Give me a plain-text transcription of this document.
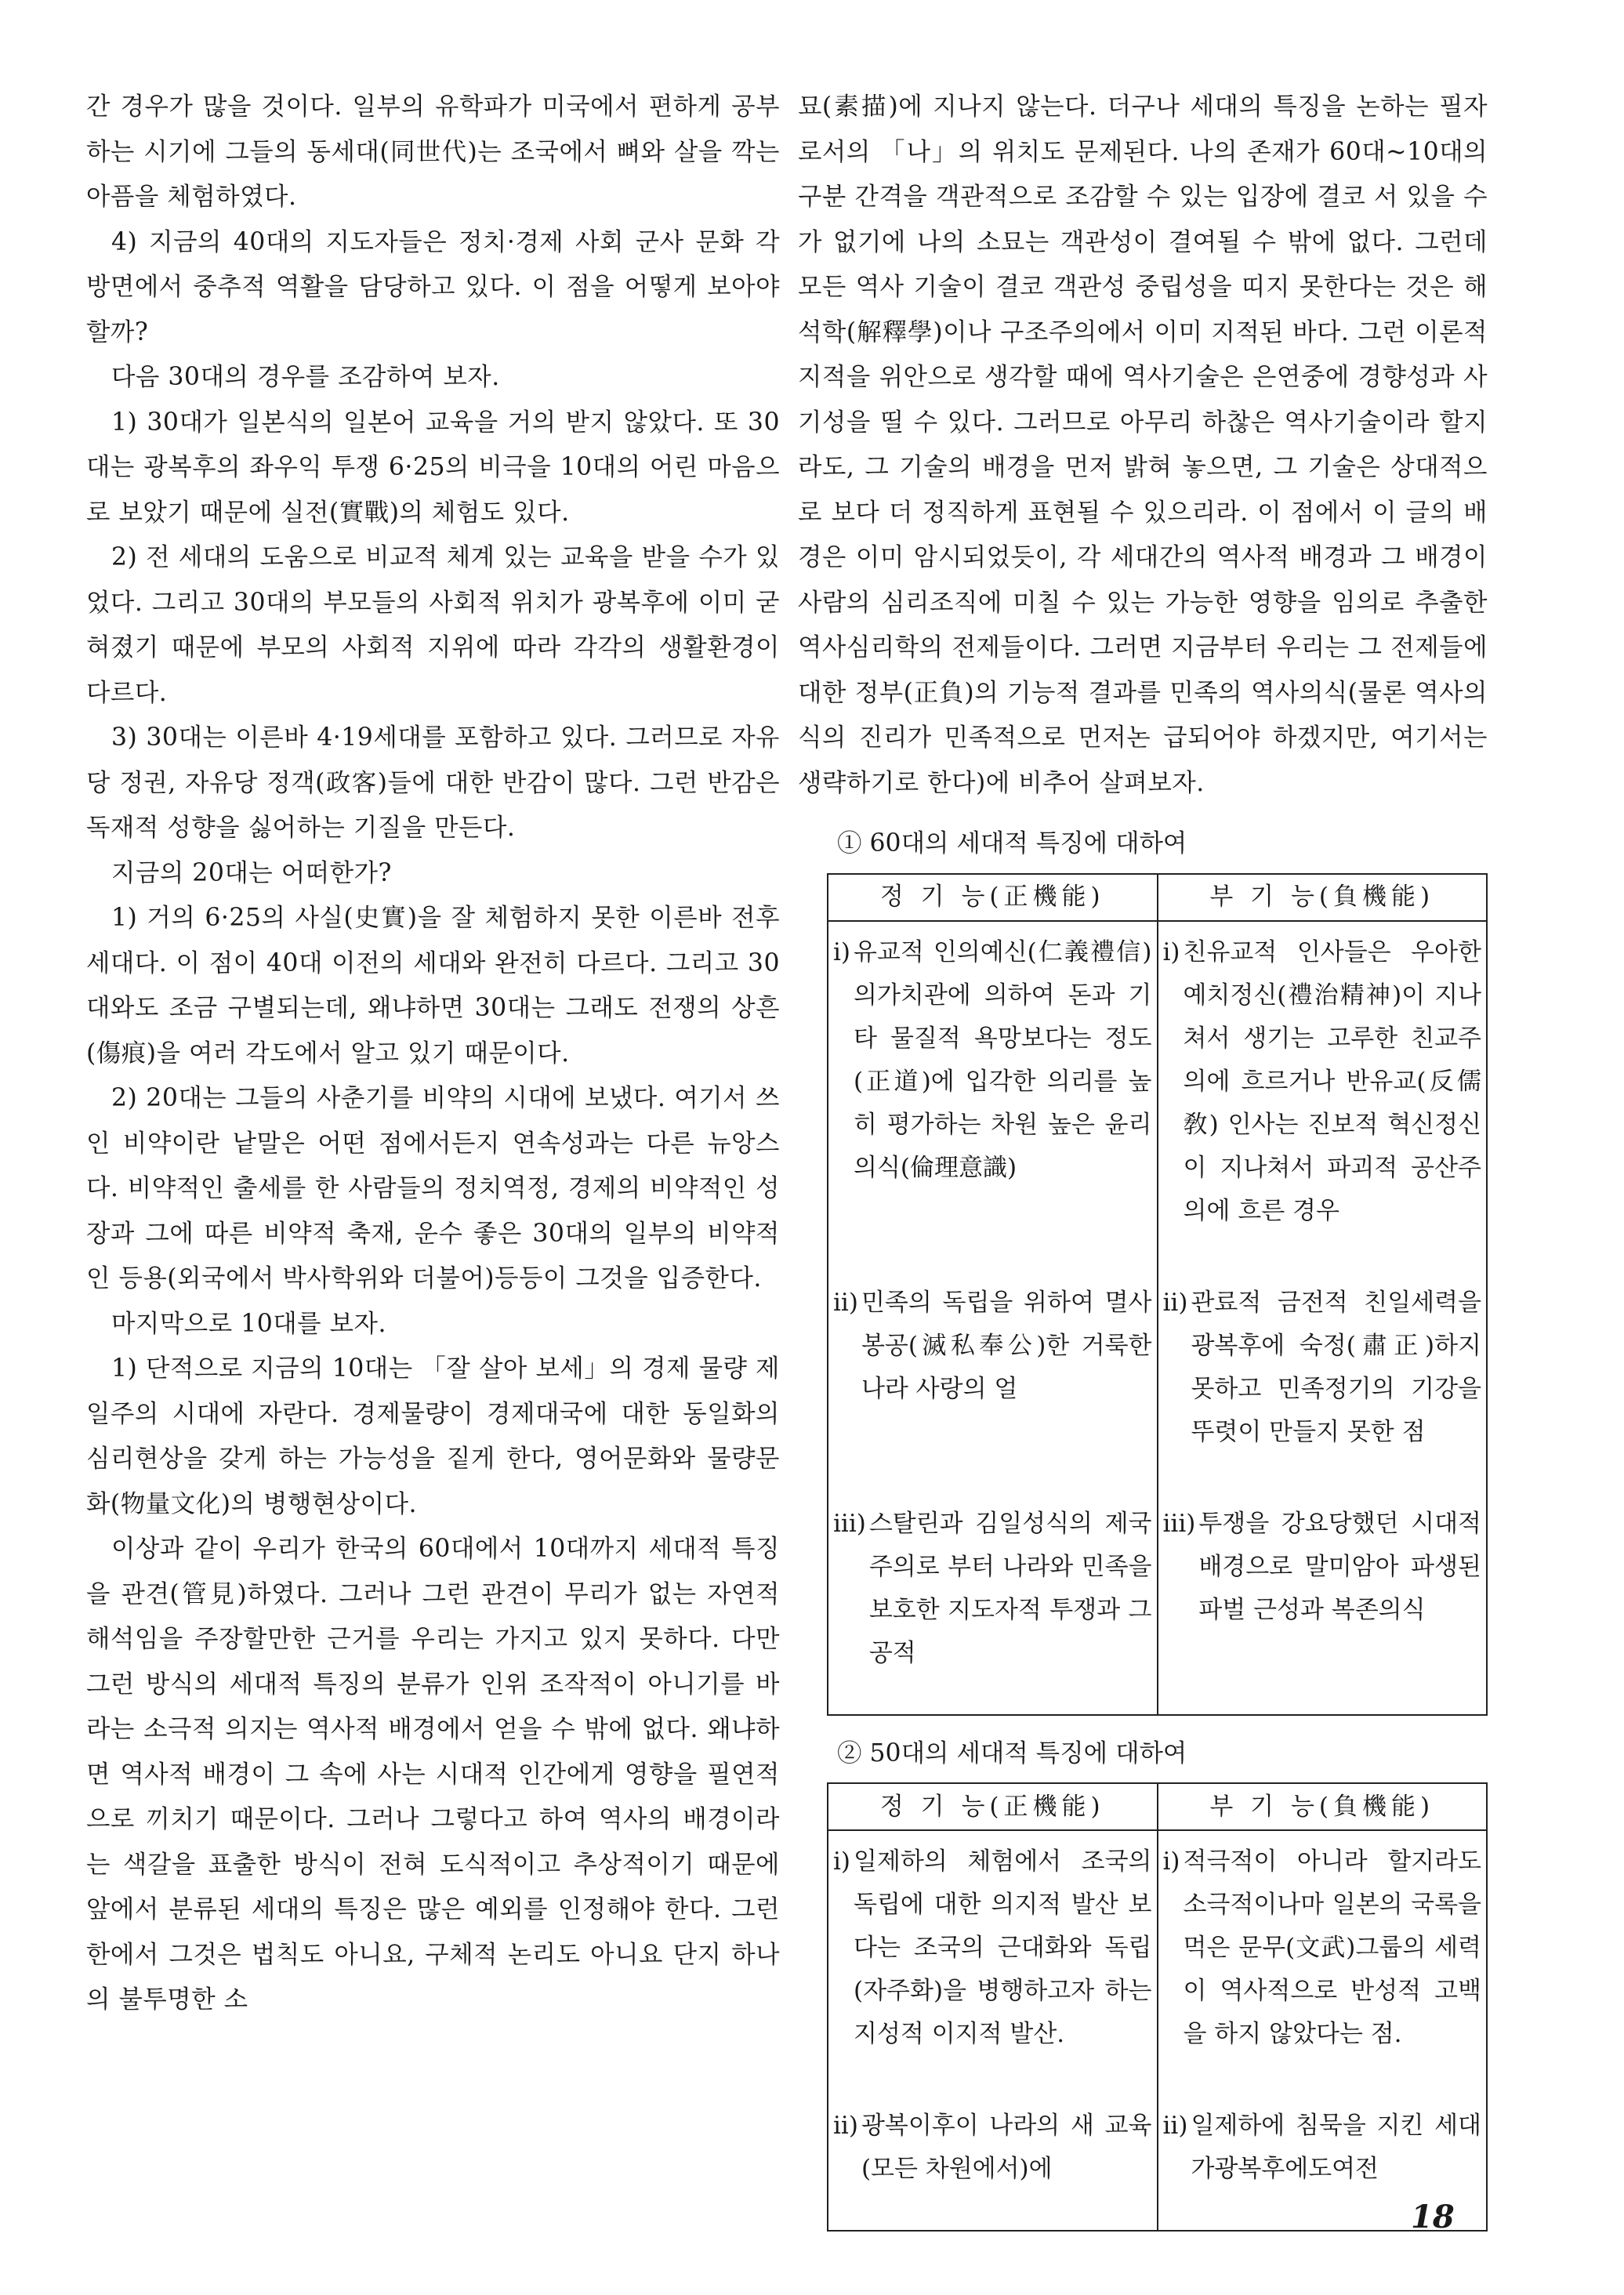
간 경우가 많을 것이다. 일부의 유학파가 미국에서 편하게 공부하는 시기에 그들의 동세대(同世代)는 조국에서 뼈와 살을 깍는 아픔을 체험하였다.

4) 지금의 40대의 지도자들은 정치·경제 사회 군사 문화 각 방면에서 중추적 역활을 담당하고 있다. 이 점을 어떻게 보아야 할까?

다음 30대의 경우를 조감하여 보자.

1) 30대가 일본식의 일본어 교육을 거의 받지 않았다. 또 30대는 광복후의 좌우익 투쟁 6·25의 비극을 10대의 어린 마음으로 보았기 때문에 실전(實戰)의 체험도 있다.

2) 전 세대의 도움으로 비교적 체계 있는 교육을 받을 수가 있었다. 그리고 30대의 부모들의 사회적 위치가 광복후에 이미 굳혀졌기 때문에 부모의 사회적 지위에 따라 각각의 생활환경이 다르다.

3) 30대는 이른바 4·19세대를 포함하고 있다. 그러므로 자유당 정권, 자유당 정객(政客)들에 대한 반감이 많다. 그런 반감은 독재적 성향을 싫어하는 기질을 만든다.

지금의 20대는 어떠한가?

1) 거의 6·25의 사실(史實)을 잘 체험하지 못한 이른바 전후세대다. 이 점이 40대 이전의 세대와 완전히 다르다. 그리고 30대와도 조금 구별되는데, 왜냐하면 30대는 그래도 전쟁의 상흔(傷痕)을 여러 각도에서 알고 있기 때문이다.

2) 20대는 그들의 사춘기를 비약의 시대에 보냈다. 여기서 쓰인 비약이란 낱말은 어떤 점에서든지 연속성과는 다른 뉴앙스다. 비약적인 출세를 한 사람들의 정치역정, 경제의 비약적인 성장과 그에 따른 비약적 축재, 운수 좋은 30대의 일부의 비약적인 등용(외국에서 박사학위와 더불어)등등이 그것을 입증한다.

마지막으로 10대를 보자.

1) 단적으로 지금의 10대는 「잘 살아 보세」의 경제 물량 제일주의 시대에 자란다. 경제물량이 경제대국에 대한 동일화의 심리현상을 갖게 하는 가능성을 짙게 한다, 영어문화와 물량문화(物量文化)의 병행현상이다.

이상과 같이 우리가 한국의 60대에서 10대까지 세대적 특징을 관견(管見)하였다. 그러나 그런 관견이 무리가 없는 자연적 해석임을 주장할만한 근거를 우리는 가지고 있지 못하다. 다만 그런 방식의 세대적 특징의 분류가 인위 조작적이 아니기를 바라는 소극적 의지는 역사적 배경에서 얻을 수 밖에 없다. 왜냐하면 역사적 배경이 그 속에 사는 시대적 인간에게 영향을 필연적으로 끼치기 때문이다. 그러나 그렇다고 하여 역사의 배경이라는 색갈을 표출한 방식이 전혀 도식적이고 추상적이기 때문에 앞에서 분류된 세대의 특징은 많은 예외를 인정해야 한다. 그런 한에서 그것은 법칙도 아니요, 구체적 논리도 아니요 단지 하나의 불투명한 소

묘(素描)에 지나지 않는다. 더구나 세대의 특징을 논하는 필자로서의 「나」의 위치도 문제된다. 나의 존재가 60대~10대의 구분 간격을 객관적으로 조감할 수 있는 입장에 결코 서 있을 수가 없기에 나의 소묘는 객관성이 결여될 수 밖에 없다. 그런데 모든 역사 기술이 결코 객관성 중립성을 띠지 못한다는 것은 해석학(解釋學)이나 구조주의에서 이미 지적된 바다. 그런 이론적 지적을 위안으로 생각할 때에 역사기술은 은연중에 경향성과 사기성을 띨 수 있다. 그러므로 아무리 하찮은 역사기술이라 할지라도, 그 기술의 배경을 먼저 밝혀 놓으면, 그 기술은 상대적으로 보다 더 정직하게 표현될 수 있으리라. 이 점에서 이 글의 배경은 이미 암시되었듯이, 각 세대간의 역사적 배경과 그 배경이 사람의 심리조직에 미칠 수 있는 가능한 영향을 임의로 추출한 역사심리학의 전제들이다. 그러면 지금부터 우리는 그 전제들에 대한 정부(正負)의 기능적 결과를 민족의 역사의식(물론 역사의식의 진리가 민족적으로 먼저논 급되어야 하겠지만, 여기서는 생략하기로 한다)에 비추어 살펴보자.

① 60대의 세대적 특징에 대하여
정 기 능(正機能)	부 기 능(負機能)

i) 유교적 인의예신(仁義禮信)의가치관에 의하여 돈과 기타 물질적 욕망보다는 정도(正道)에 입각한 의리를 높히 평가하는 차원 높은 윤리의식(倫理意識)	i) 친유교적 인사들은 우아한 예치정신(禮治精神)이 지나쳐서 생기는 고루한 친교주의에 흐르거나 반유교(反儒敎) 인사는 진보적 혁신정신이 지나쳐서 파괴적 공산주의에 흐른 경우

ii) 민족의 독립을 위하여 멸사봉공(滅私奉公)한 거룩한 나라 사랑의 얼	ii) 관료적 금전적 친일세력을 광복후에 숙정(肅正)하지 못하고 민족정기의 기강을 뚜렷이 만들지 못한 점

iii) 스탈린과 김일성식의 제국주의로 부터 나라와 민족을 보호한 지도자적 투쟁과 그 공적	iii) 투쟁을 강요당했던 시대적 배경으로 말미암아 파생된 파벌 근성과 복존의식
② 50대의 세대적 특징에 대하여
정 기 능(正機能)	부 기 능(負機能)

i) 일제하의 체험에서 조국의 독립에 대한 의지적 발산 보다는 조국의 근대화와 독립(자주화)을 병행하고자 하는 지성적 이지적 발산.	i) 적극적이 아니라 할지라도 소극적이나마 일본의 국록을 먹은 문무(文武)그룹의 세력이 역사적으로 반성적 고백을 하지 않았다는 점.

ii) 광복이후이 나라의 새 교육(모든 차원에서)에	ii) 일제하에 침묵을 지킨 세대가광복후에도여전
18
